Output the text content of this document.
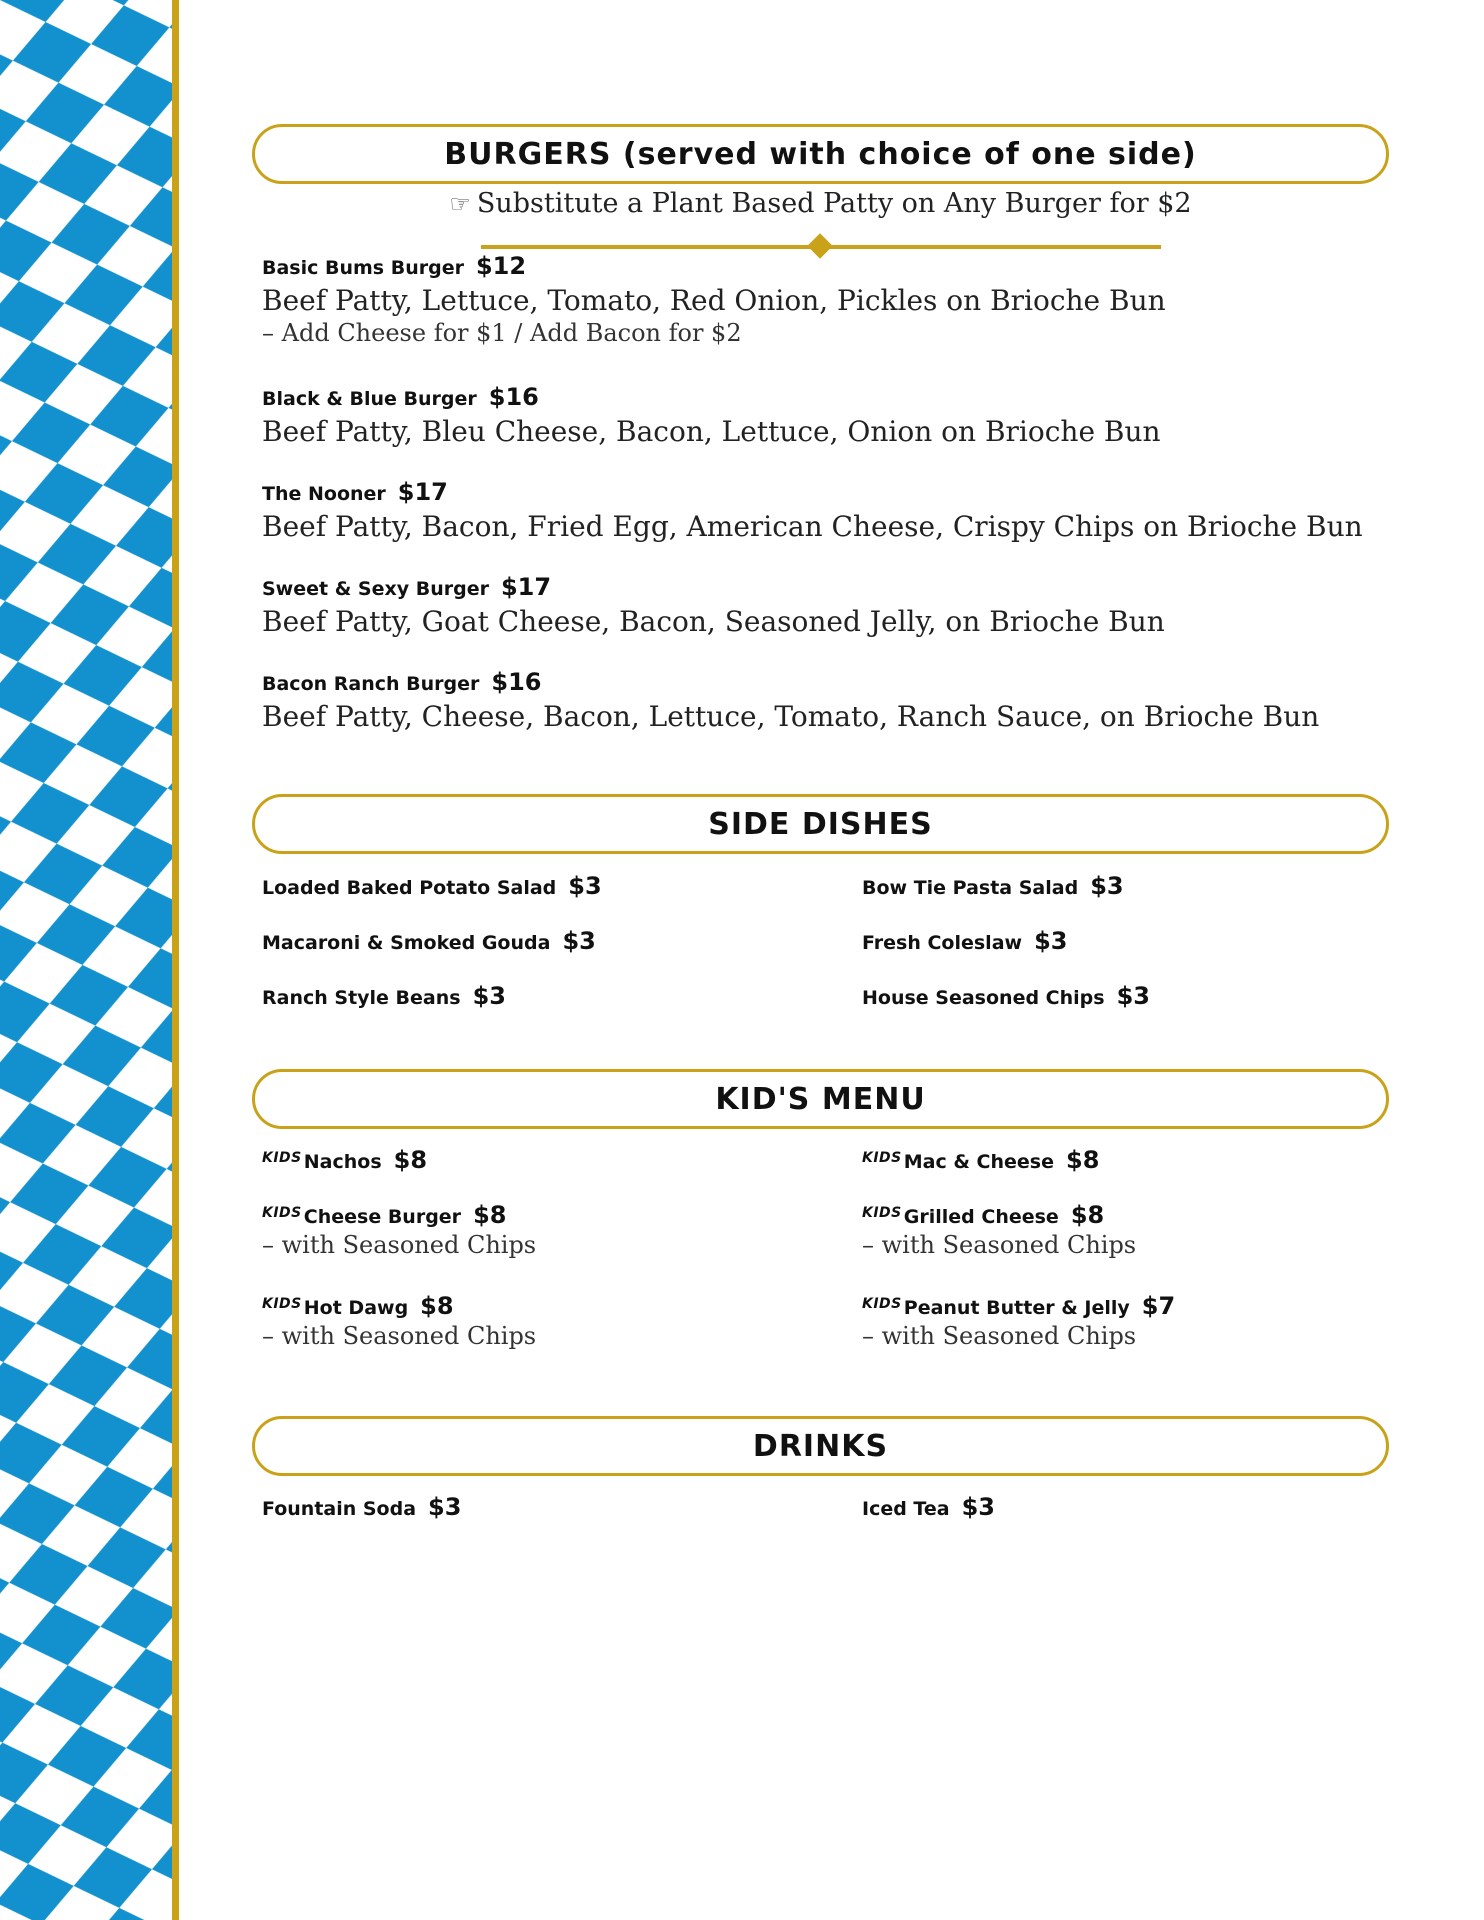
BURGERS (served with choice of one side)
☞ Substitute a Plant Based Patty on Any Burger for $2
Basic Bums Burger $12
Beef Patty, Lettuce, Tomato, Red Onion, Pickles on Brioche Bun
– Add Cheese for $1 / Add Bacon for $2
Black & Blue Burger $16
Beef Patty, Bleu Cheese, Bacon, Lettuce, Onion on Brioche Bun
The Nooner $17
Beef Patty, Bacon, Fried Egg, American Cheese, Crispy Chips on Brioche Bun
Sweet & Sexy Burger $17
Beef Patty, Goat Cheese, Bacon, Seasoned Jelly, on Brioche Bun
Bacon Ranch Burger $16
Beef Patty, Cheese, Bacon, Lettuce, Tomato, Ranch Sauce, on Brioche Bun
SIDE DISHES
Loaded Baked Potato Salad $3	Bow Tie Pasta Salad $3
Macaroni & Smoked Gouda $3	Fresh Coleslaw $3
Ranch Style Beans $3	House Seasoned Chips $3
KID'S MENU
KIDS Nachos $8	KIDS Mac & Cheese $8
KIDS Cheese Burger $8
– with Seasoned Chips
KIDS Grilled Cheese $8
– with Seasoned Chips
KIDS Hot Dawg $8
– with Seasoned Chips
KIDS Peanut Butter & Jelly $7
– with Seasoned Chips
DRINKS
Fountain Soda $3	Iced Tea $3
